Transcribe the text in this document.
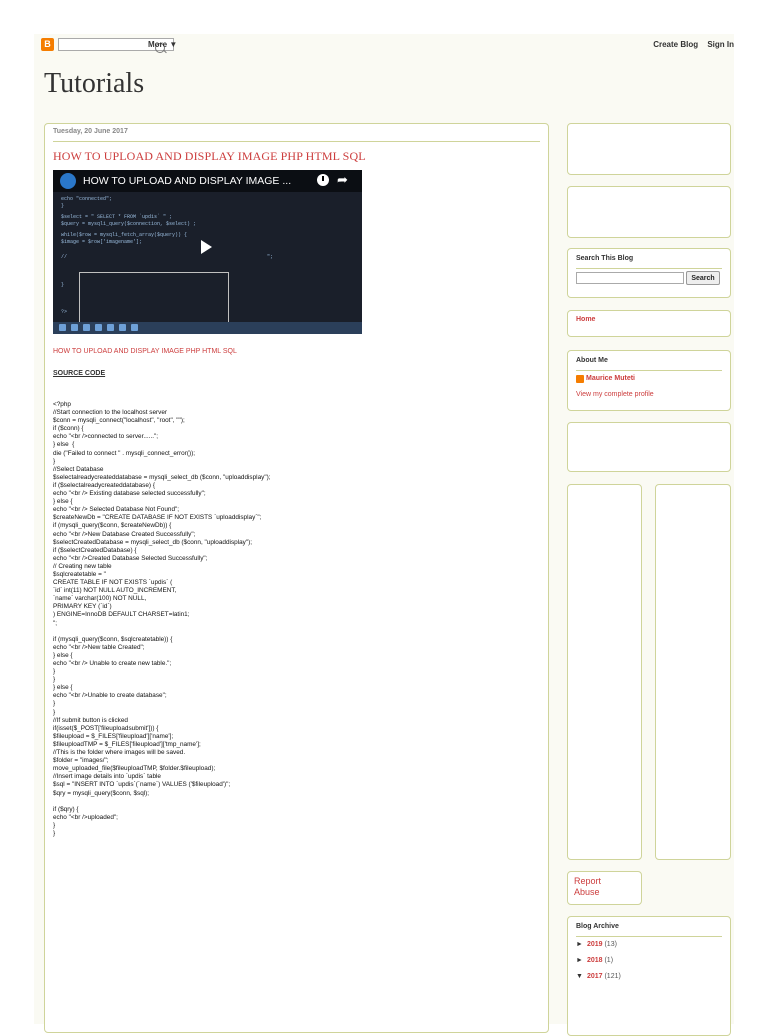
B	More ▼	Create Blog Sign In
Tutorials
Tuesday, 20 June 2017
HOW TO UPLOAD AND DISPLAY IMAGE PHP HTML SQL
echo "connected";
}
$select = " SELECT * FROM `updis` " ;
$query = mysqli_query($connection, $select) ;
while($row = mysqli_fetch_array($query)) {
$image = $row['imagename'];
//	";
}
?>
HOW TO UPLOAD AND DISPLAY IMAGE ...	➦
HOW TO UPLOAD AND DISPLAY IMAGE PHP HTML SQL
SOURCE CODE
<?php
//Start connection to the localhost server
$conn = mysqli_connect("localhost", "root", "");
if ($conn) {
echo "<br />connected to server......";
} else  {
die ("Failed to connect " . mysqli_connect_error());
}
//Select Database
$selectalreadycreateddatabase = mysqli_select_db ($conn, "uploaddisplay");
if ($selectalreadycreateddatabase) {
echo "<br /> Existing database selected successfully";
} else {
echo "<br /> Selected Database Not Found";
$createNewDb = "CREATE DATABASE IF NOT EXISTS `uploaddisplay`";
if (mysqli_query($conn, $createNewDb)) {
echo "<br />New Database Created Successfully";
$selectCreatedDatabase = mysqli_select_db ($conn, "uploaddisplay");
if ($selectCreatedDatabase) {
echo "<br />Created Database Selected Successfully";
// Creating new table
$sqlcreatetable = "
CREATE TABLE IF NOT EXISTS `updis` (
`id` int(11) NOT NULL AUTO_INCREMENT,
`name` varchar(100) NOT NULL,
PRIMARY KEY (`id`)
) ENGINE=InnoDB DEFAULT CHARSET=latin1;
";

if (mysqli_query($conn, $sqlcreatetable)) {
echo "<br />New table Created";
} else {
echo "<br /> Unable to create new table.";
}
}
} else {
echo "<br />Unable to create database";
}
}
//If submit button is clicked
if(isset($_POST['fileuploadsubmit'])) {
$fileupload = $_FILES['fileupload']['name'];
$fileuploadTMP = $_FILES['fileupload']['tmp_name'];
//This is the folder where images will be saved.
$folder = "images/";
move_uploaded_file($fileuploadTMP, $folder.$fileupload);
//Insert image details into `updis` table
$sql = "INSERT INTO `updis`(`name`) VALUES ('$fileupload')";
$qry = mysqli_query($conn, $sql);

if ($qry) {
echo "<br />uploaded";
}
}
Search This Blog
Search
Home
About Me
Maurice Muteti
View my complete profile
Report
Abuse
Blog Archive
► 2019 (13)
► 2018 (1)
▼ 2017 (121)
